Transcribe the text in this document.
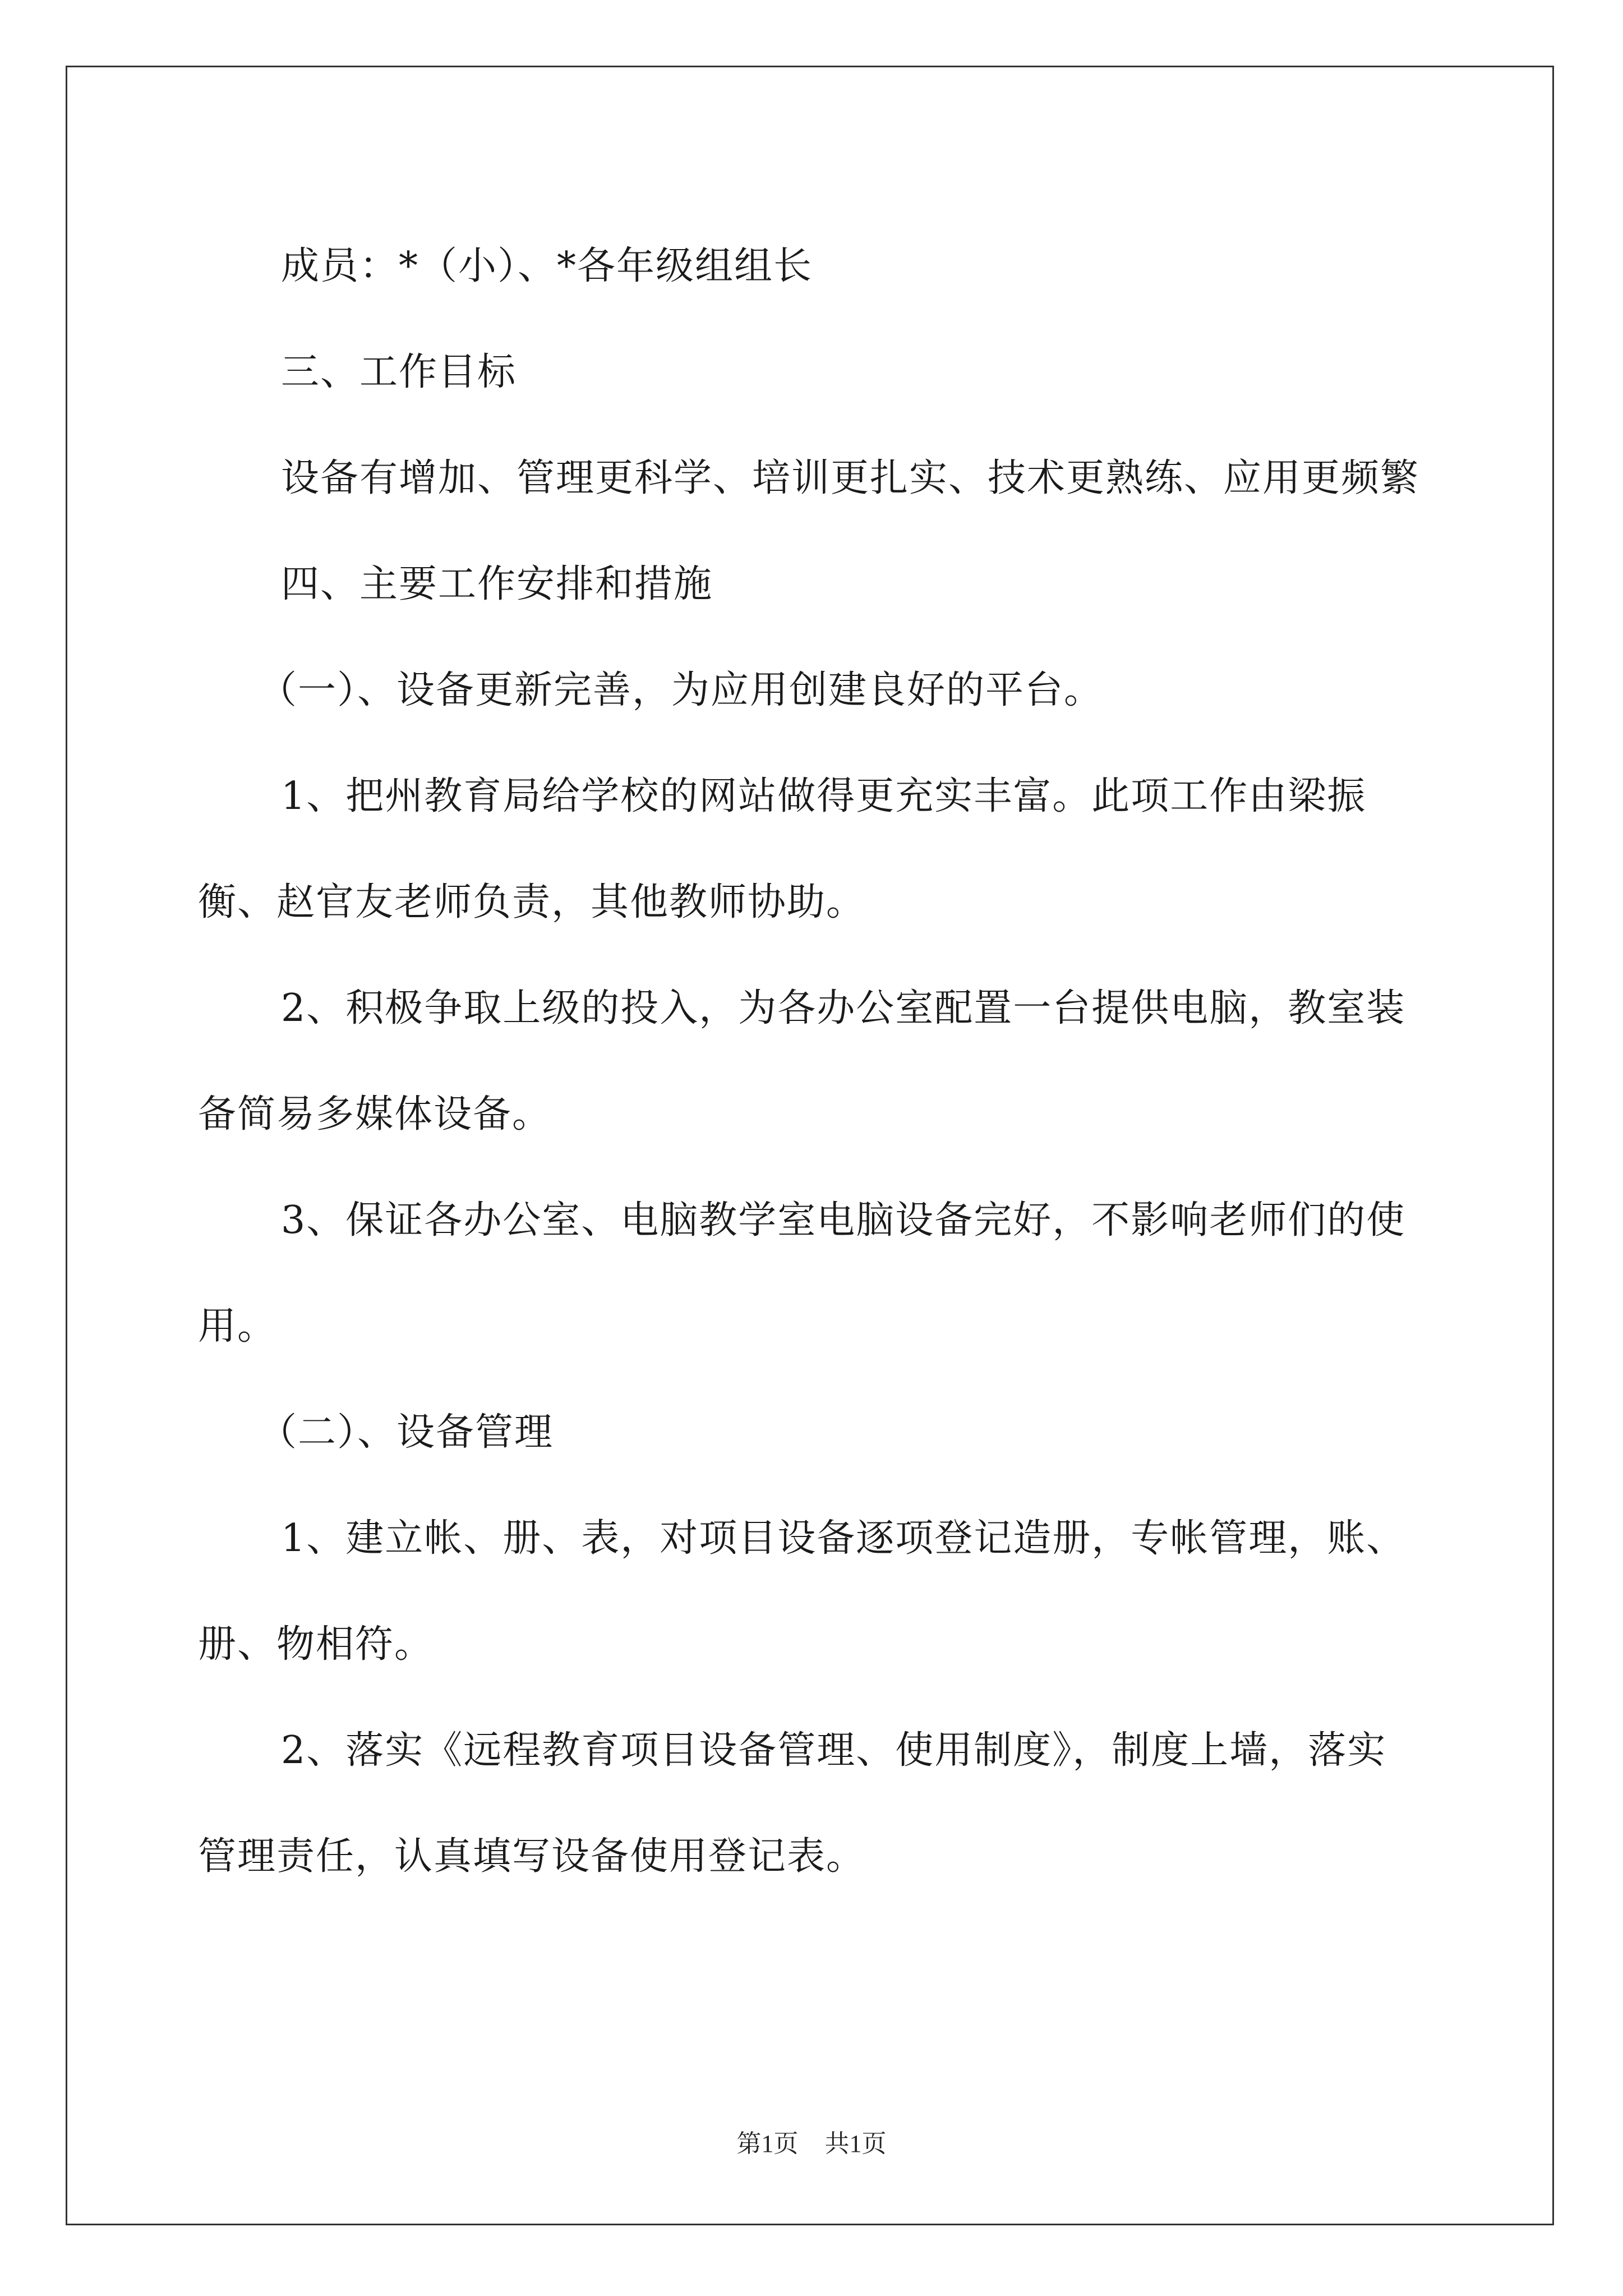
成员：*（小）、*各年级组组长

三、工作目标

设备有增加、管理更科学、培训更扎实、技术更熟练、应用更频繁

四、主要工作安排和措施

（一）、设备更新完善，为应用创建良好的平台。

1、把州教育局给学校的网站做得更充实丰富。此项工作由梁振衡、赵官友老师负责，其他教师协助。

2、积极争取上级的投入，为各办公室配置一台提供电脑，教室装备简易多媒体设备。

3、保证各办公室、电脑教学室电脑设备完好，不影响老师们的使用。

（二）、设备管理

1、建立帐、册、表，对项目设备逐项登记造册，专帐管理，账、册、物相符。

2、落实《远程教育项目设备管理、使用制度》，制度上墙，落实管理责任，认真填写设备使用登记表。

第1页 共1页
